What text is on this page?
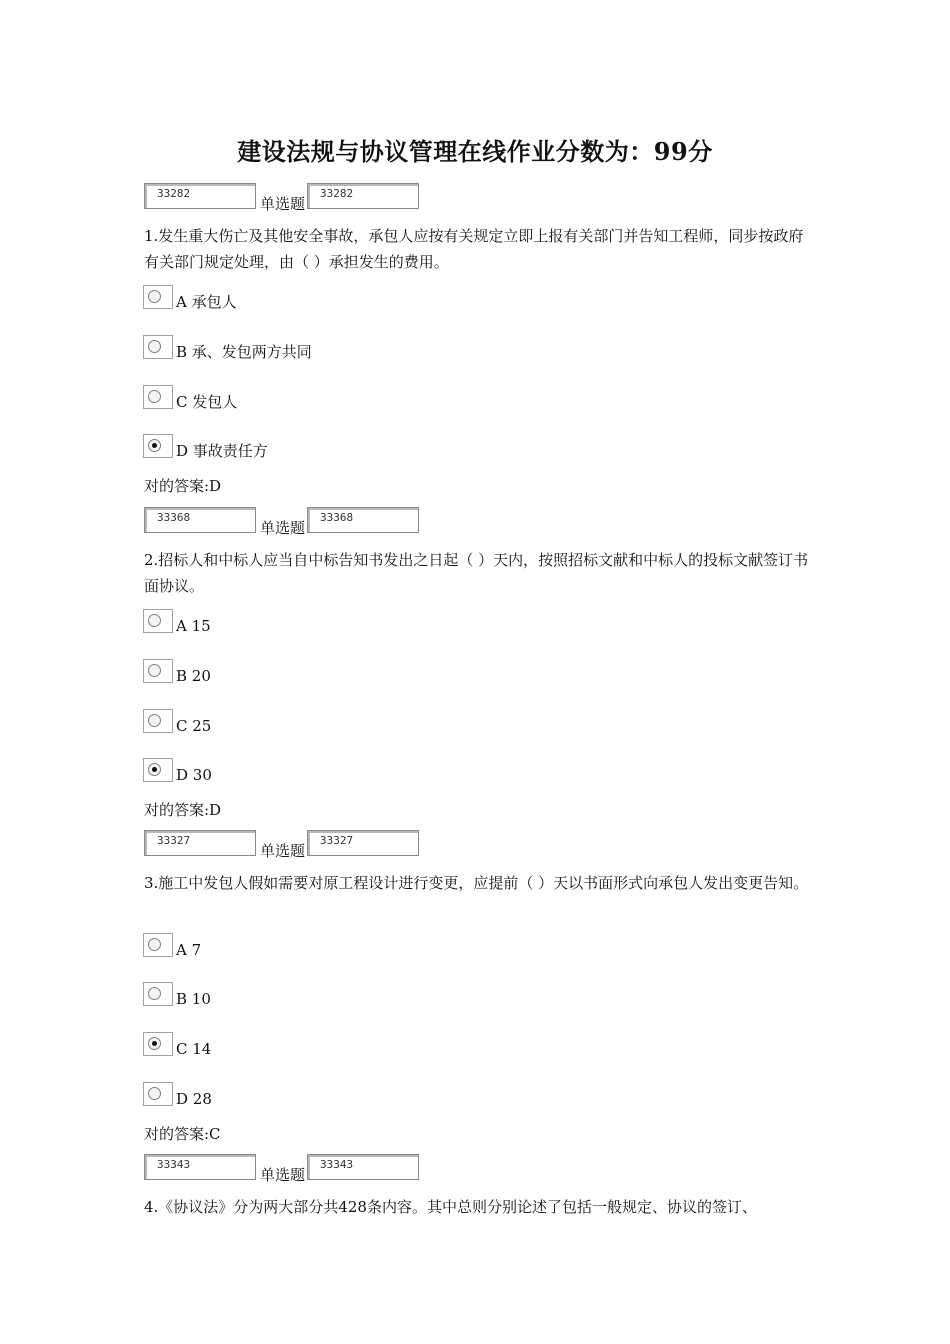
建设法规与协议管理在线作业分数为：99分
33282
单选题
33282
1.发生重大伤亡及其他安全事故，承包人应按有关规定立即上报有关部门并告知工程师，同步按政府有关部门规定处理，由（ ）承担发生的费用。
A 承包人
B 承、发包两方共同
C 发包人
D 事故责任方
对的答案:D
33368
单选题
33368
2.招标人和中标人应当自中标告知书发出之日起（ ）天内，按照招标文献和中标人的投标文献签订书面协议。
A 15
B 20
C 25
D 30
对的答案:D
33327
单选题
33327
3.施工中发包人假如需要对原工程设计进行变更，应提前（ ）天以书面形式向承包人发出变更告知。
A 7
B 10
C 14
D 28
对的答案:C
33343
单选题
33343
4.《协议法》分为两大部分共428条内容。其中总则分别论述了包括一般规定、协议的签订、
